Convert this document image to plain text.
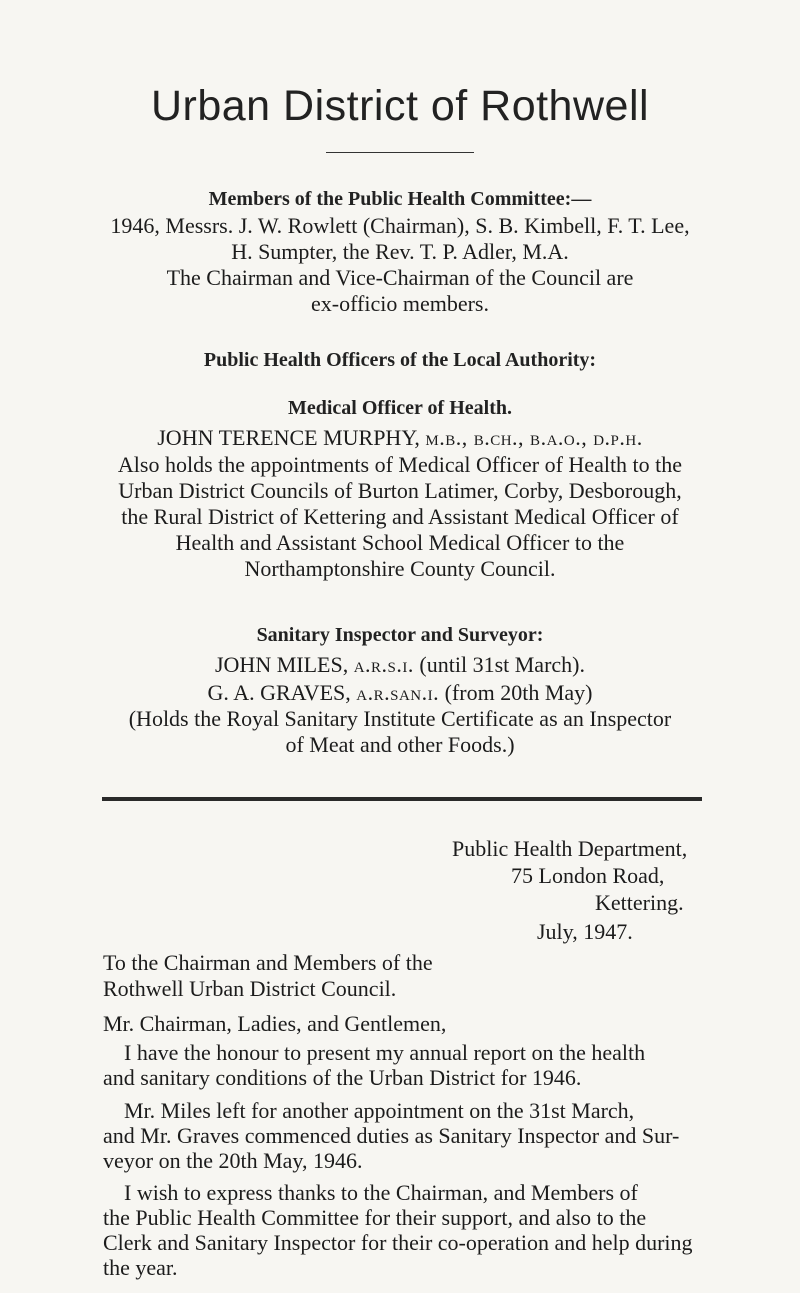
Urban District of Rothwell
Members of the Public Health Committee:—
1946, Messrs. J. W. Rowlett (Chairman), S. B. Kimbell, F. T. Lee,
H. Sumpter, the Rev. T. P. Adler, M.A.
The Chairman and Vice-Chairman of the Council are
ex-officio members.
Public Health Officers of the Local Authority:
Medical Officer of Health.
JOHN TERENCE MURPHY, m.b., b.ch., b.a.o., d.p.h.
Also holds the appointments of Medical Officer of Health to the
Urban District Councils of Burton Latimer, Corby, Desborough,
the Rural District of Kettering and Assistant Medical Officer of
Health and Assistant School Medical Officer to the
Northamptonshire County Council.
Sanitary Inspector and Surveyor:
JOHN MILES, a.r.s.i. (until 31st March).
G. A. GRAVES, a.r.san.i. (from 20th May)
(Holds the Royal Sanitary Institute Certificate as an Inspector
of Meat and other Foods.)
Public Health Department,
75 London Road,
Kettering.
July, 1947.
To the Chairman and Members of the
Rothwell Urban District Council.
Mr. Chairman, Ladies, and Gentlemen,
I have the honour to present my annual report on the health
and sanitary conditions of the Urban District for 1946.
Mr. Miles left for another appointment on the 31st March,
and Mr. Graves commenced duties as Sanitary Inspector and Sur-
veyor on the 20th May, 1946.
I wish to express thanks to the Chairman, and Members of
the Public Health Committee for their support, and also to the
Clerk and Sanitary Inspector for their co-operation and help during
the year.
